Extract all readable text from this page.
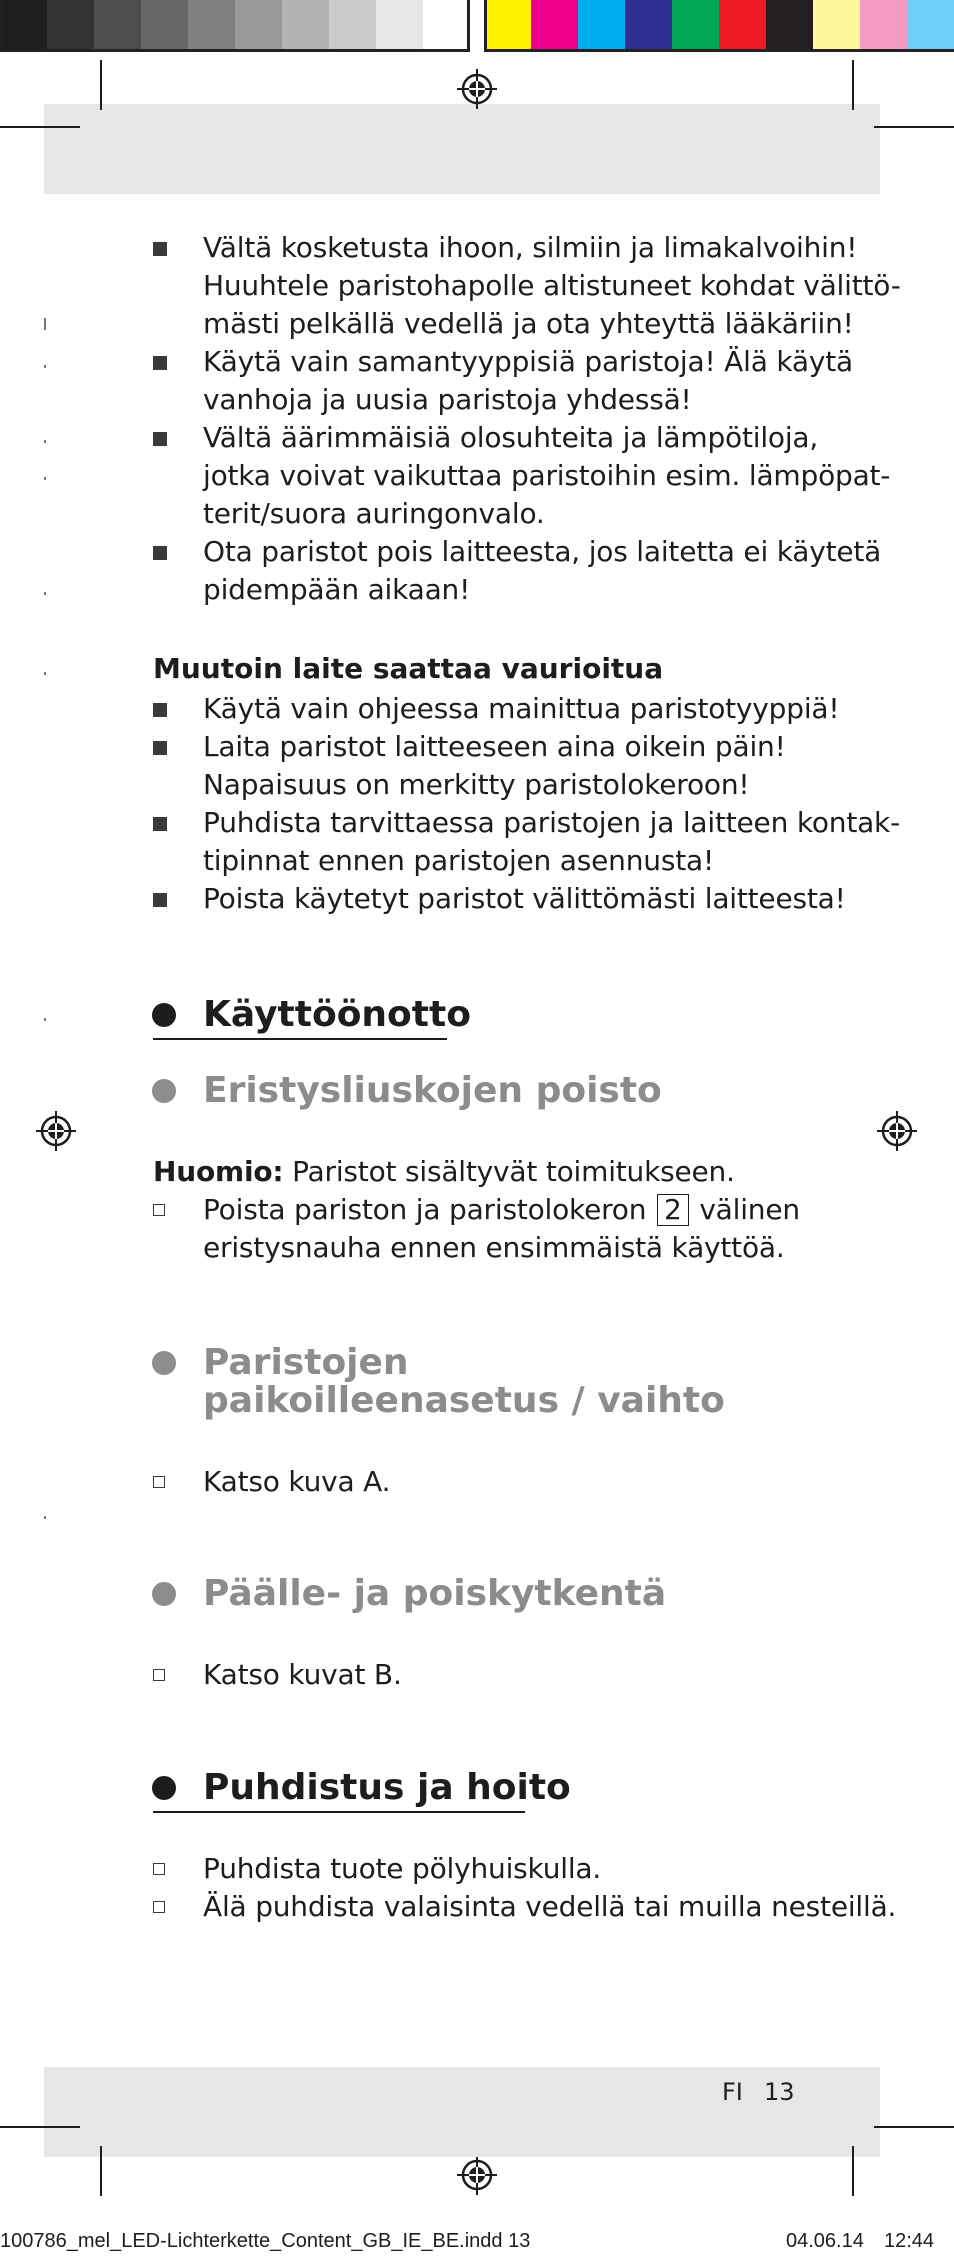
Vältä kosketusta ihoon, silmiin ja limakalvoihin!
Huuhtele paristohapolle altistuneet kohdat välittö-
mästi pelkällä vedellä ja ota yhteyttä lääkäriin!
Käytä vain samantyyppisiä paristoja! Älä käytä
vanhoja ja uusia paristoja yhdessä!
Vältä äärimmäisiä olosuhteita ja lämpötiloja,
jotka voivat vaikuttaa paristoihin esim. lämpöpat-
terit/suora auringonvalo.
Ota paristot pois laitteesta, jos laitetta ei käytetä
pidempään aikaan!
Muutoin laite saattaa vaurioitua
Käytä vain ohjeessa mainittua paristotyyppiä!
Laita paristot laitteeseen aina oikein päin!
Napaisuus on merkitty paristolokeroon!
Puhdista tarvittaessa paristojen ja laitteen kontak-
tipinnat ennen paristojen asennusta!
Poista käytetyt paristot välittömästi laitteesta!
Käyttöönotto
Eristysliuskojen poisto
Huomio: Paristot sisältyvät toimitukseen.
Poista pariston ja paristolokeron 2 välinen
eristysnauha ennen ensimmäistä käyttöä.
Paristojen
paikoilleenasetus / vaihto
Katso kuva A.
Päälle- ja poiskytkentä
Katso kuvat B.
Puhdistus ja hoito
Puhdista tuote pölyhuiskulla.
Älä puhdista valaisinta vedellä tai muilla nesteillä.
FI 13
100786_mel_LED-Lichterkette_Content_GB_IE_BE.indd 13	04.06.14 12:44
